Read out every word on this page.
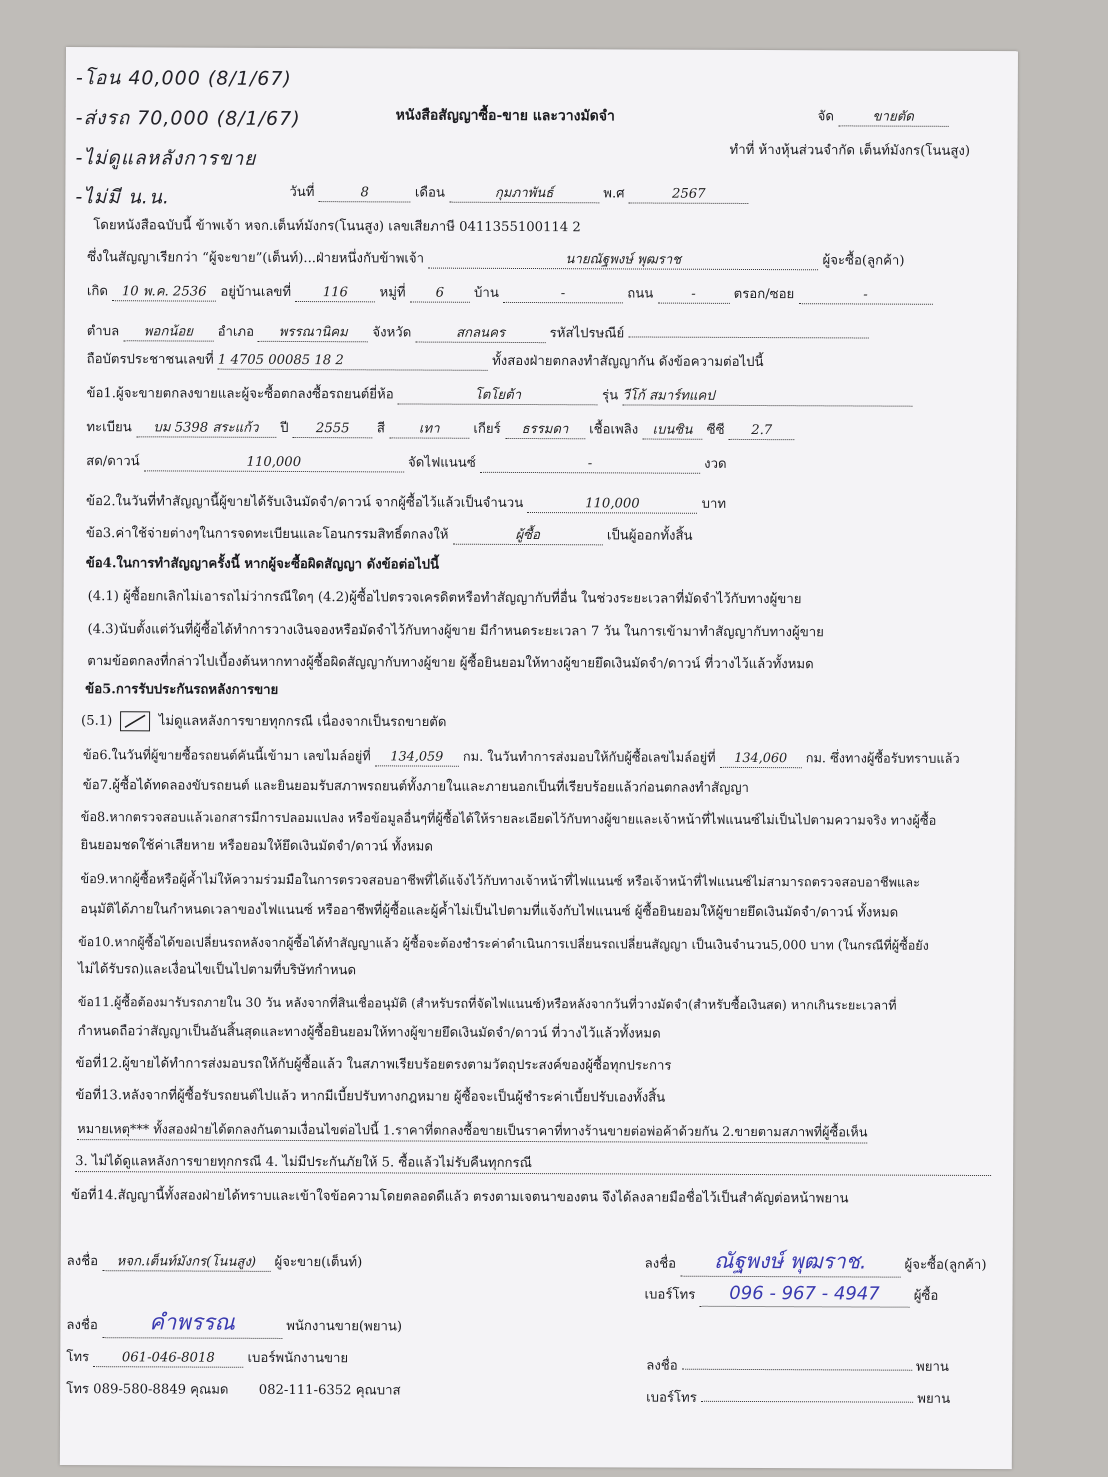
-โอน 40,000 (8/1/67)
-ส่งรถ 70,000 (8/1/67)
-ไม่ดูแลหลังการขาย
-ไม่มี น.น.
หนังสือสัญญาซื้อ-ขาย และวางมัดจำ	จัด	ขายตัด
ทำที่ ห้างหุ้นส่วนจำกัด เต็นท์มังกร(โนนสูง)
วันที่	8	เดือน	กุมภาพันธ์	พ.ศ	2567
โดยหนังสือฉบับนี้ ข้าพเจ้า หจก.เต็นท์มังกร(โนนสูง) เลขเสียภาษี 0411355100114 2
ซึ่งในสัญญาเรียกว่า “ผู้จะขาย”(เต็นท์)...ฝ่ายหนึ่งกับข้าพเจ้า	นายณัฐพงษ์ พุฒราช	ผู้จะซื้อ(ลูกค้า)
เกิด 10 พ.ค. 2536 อยู่บ้านเลขที่ 116 หมู่ที่ 6 บ้าน	-	ถนน	-	ตรอก/ซอย	-
ตำบล พอกน้อย อำเภอ พรรณานิคม จังหวัด	สกลนคร	รหัสไปรษณีย์
ถือบัตรประชาชนเลขที่ 1 4705 00085 18 2	ทั้งสองฝ่ายตกลงทำสัญญากัน ดังข้อความต่อไปนี้
ข้อ1.ผู้จะขายตกลงขายและผู้จะซื้อตกลงซื้อรถยนต์ยี่ห้อ	โตโยต้า	รุ่น วีโก้ สมาร์ทแคป
ทะเบียน บม 5398 สระแก้ว ปี 2555 สี	เทา	เกียร์ ธรรมดา เชื้อเพลิง เบนซิน ซีซี 2.7
สด/ดาวน์	110,000	จัดไฟแนนซ์	-	งวด
ข้อ2.ในวันที่ทำสัญญานี้ผู้ขายได้รับเงินมัดจำ/ดาวน์ จากผู้ซื้อไว้แล้วเป็นจำนวน	110,000	บาท
ข้อ3.ค่าใช้จ่ายต่างๆในการจดทะเบียนและโอนกรรมสิทธิ์ตกลงให้	ผู้ซื้อ	เป็นผู้ออกทั้งสิ้น
ข้อ4.ในการทำสัญญาครั้งนี้ หากผู้จะซื้อผิดสัญญา ดังข้อต่อไปนี้
(4.1) ผู้ซื้อยกเลิกไม่เอารถไม่ว่ากรณีใดๆ (4.2)ผู้ซื้อไปตรวจเครดิตหรือทำสัญญากับที่อื่น ในช่วงระยะเวลาที่มัดจำไว้กับทางผู้ขาย
(4.3)นับตั้งแต่วันที่ผู้ซื้อได้ทำการวางเงินจองหรือมัดจำไว้กับทางผู้ขาย มีกำหนดระยะเวลา 7 วัน ในการเข้ามาทำสัญญากับทางผู้ขาย
ตามข้อตกลงที่กล่าวไปเบื้องต้นหากทางผู้ซื้อผิดสัญญากับทางผู้ขาย ผู้ซื้อยินยอมให้ทางผู้ขายยึดเงินมัดจำ/ดาวน์ ที่วางไว้แล้วทั้งหมด
ข้อ5.การรับประกันรถหลังการขาย
(5.1)	ไม่ดูแลหลังการขายทุกกรณี เนื่องจากเป็นรถขายตัด
ข้อ6.ในวันที่ผู้ขายซื้อรถยนต์คันนี้เข้ามา เลขไมล์อยู่ที่ 134,059 กม. ในวันทำการส่งมอบให้กับผู้ซื้อเลขไมล์อยู่ที่ 134,060 กม. ซึ่งทางผู้ซื้อรับทราบแล้ว
ข้อ7.ผู้ซื้อได้ทดลองขับรถยนต์ และยินยอมรับสภาพรถยนต์ทั้งภายในและภายนอกเป็นที่เรียบร้อยแล้วก่อนตกลงทำสัญญา
ข้อ8.หากตรวจสอบแล้วเอกสารมีการปลอมแปลง หรือข้อมูลอื่นๆที่ผู้ซื้อได้ให้รายละเอียดไว้กับทางผู้ขายและเจ้าหน้าที่ไฟแนนซ์ไม่เป็นไปตามความจริง ทางผู้ซื้อ
ยินยอมชดใช้ค่าเสียหาย หรือยอมให้ยึดเงินมัดจำ/ดาวน์ ทั้งหมด
ข้อ9.หากผู้ซื้อหรือผู้ค้ำไม่ให้ความร่วมมือในการตรวจสอบอาชีพที่ได้แจ้งไว้กับทางเจ้าหน้าที่ไฟแนนซ์ หรือเจ้าหน้าที่ไฟแนนซ์ไม่สามารถตรวจสอบอาชีพและ
อนุมัติได้ภายในกำหนดเวลาของไฟแนนซ์ หรืออาชีพที่ผู้ซื้อและผู้ค้ำไม่เป็นไปตามที่แจ้งกับไฟแนนซ์ ผู้ซื้อยินยอมให้ผู้ขายยึดเงินมัดจำ/ดาวน์ ทั้งหมด
ข้อ10.หากผู้ซื้อได้ขอเปลี่ยนรถหลังจากผู้ซื้อได้ทำสัญญาแล้ว ผู้ซื้อจะต้องชำระค่าดำเนินการเปลี่ยนรถเปลี่ยนสัญญา เป็นเงินจำนวน5,000 บาท (ในกรณีที่ผู้ซื้อยัง
ไม่ได้รับรถ)และเงื่อนไขเป็นไปตามที่บริษัทกำหนด
ข้อ11.ผู้ซื้อต้องมารับรถภายใน 30 วัน หลังจากที่สินเชื่ออนุมัติ (สำหรับรถที่จัดไฟแนนซ์)หรือหลังจากวันที่วางมัดจำ(สำหรับซื้อเงินสด) หากเกินระยะเวลาที่
กำหนดถือว่าสัญญาเป็นอันสิ้นสุดและทางผู้ซื้อยินยอมให้ทางผู้ขายยึดเงินมัดจำ/ดาวน์ ที่วางไว้แล้วทั้งหมด
ข้อที่12.ผู้ขายได้ทำการส่งมอบรถให้กับผู้ซื้อแล้ว ในสภาพเรียบร้อยตรงตามวัตถุประสงค์ของผู้ซื้อทุกประการ
ข้อที่13.หลังจากที่ผู้ซื้อรับรถยนต์ไปแล้ว หากมีเบี้ยปรับทางกฎหมาย ผู้ซื้อจะเป็นผู้ชำระค่าเบี้ยปรับเองทั้งสิ้น
หมายเหตุ*** ทั้งสองฝ่ายได้ตกลงกันตามเงื่อนไขต่อไปนี้ 1.ราคาที่ตกลงซื้อขายเป็นราคาที่ทางร้านขายต่อพ่อค้าด้วยกัน 2.ขายตามสภาพที่ผู้ซื้อเห็น
3. ไม่ได้ดูแลหลังการขายทุกกรณี 4. ไม่มีประกันภัยให้ 5. ซื้อแล้วไม่รับคืนทุกกรณี
ข้อที่14.สัญญานี้ทั้งสองฝ่ายได้ทราบและเข้าใจข้อความโดยตลอดดีแล้ว ตรงตามเจตนาของตน จึงได้ลงลายมือชื่อไว้เป็นสำคัญต่อหน้าพยาน
ลงชื่อ หจก.เต็นท์มังกร(โนนสูง) ผู้จะขาย(เต็นท์)	ลงชื่อ ณัฐพงษ์ พุฒราช.	ผู้จะซื้อ(ลูกค้า)
เบอร์โทร 096 - 967 - 4947	ผู้ซื้อ
ลงชื่อ คำพรรณ	พนักงานขาย(พยาน)
โทร 061-046-8018 เบอร์พนักงานขาย	ลงชื่อ	พยาน
โทร 089-580-8849 คุณมด 082-111-6352 คุณบาส	เบอร์โทร	พยาน
